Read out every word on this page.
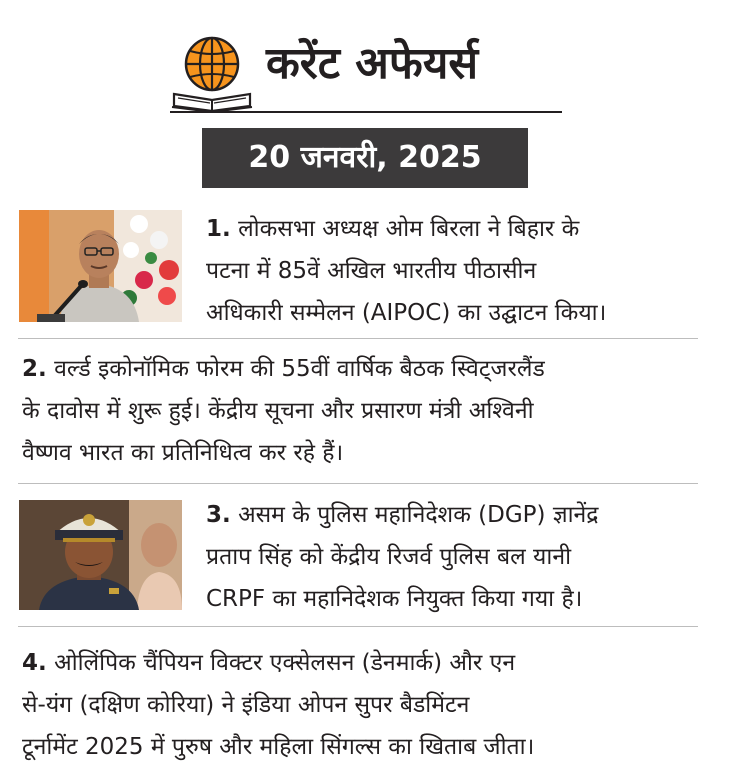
करेंट अफेयर्स
20 जनवरी, 2025
1. लोकसभा अध्यक्ष ओम बिरला ने बिहार के
पटना में 85वें अखिल भारतीय पीठासीन
अधिकारी सम्मेलन (AIPOC) का उद्घाटन किया।
2. वर्ल्ड इकोनॉमिक फोरम की 55वीं वार्षिक बैठक स्विट्जरलैंड
के दावोस में शुरू हुई। केंद्रीय सूचना और प्रसारण मंत्री अश्विनी
वैष्णव भारत का प्रतिनिधित्व कर रहे हैं।
3. असम के पुलिस महानिदेशक (DGP) ज्ञानेंद्र
प्रताप सिंह को केंद्रीय रिजर्व पुलिस बल यानी
CRPF का महानिदेशक नियुक्त किया गया है।
4. ओलिंपिक चैंपियन विक्टर एक्सेलसन (डेनमार्क) और एन
से-यंग (दक्षिण कोरिया) ने इंडिया ओपन सुपर बैडमिंटन
टूर्नामेंट 2025 में पुरुष और महिला सिंगल्स का खिताब जीता।
